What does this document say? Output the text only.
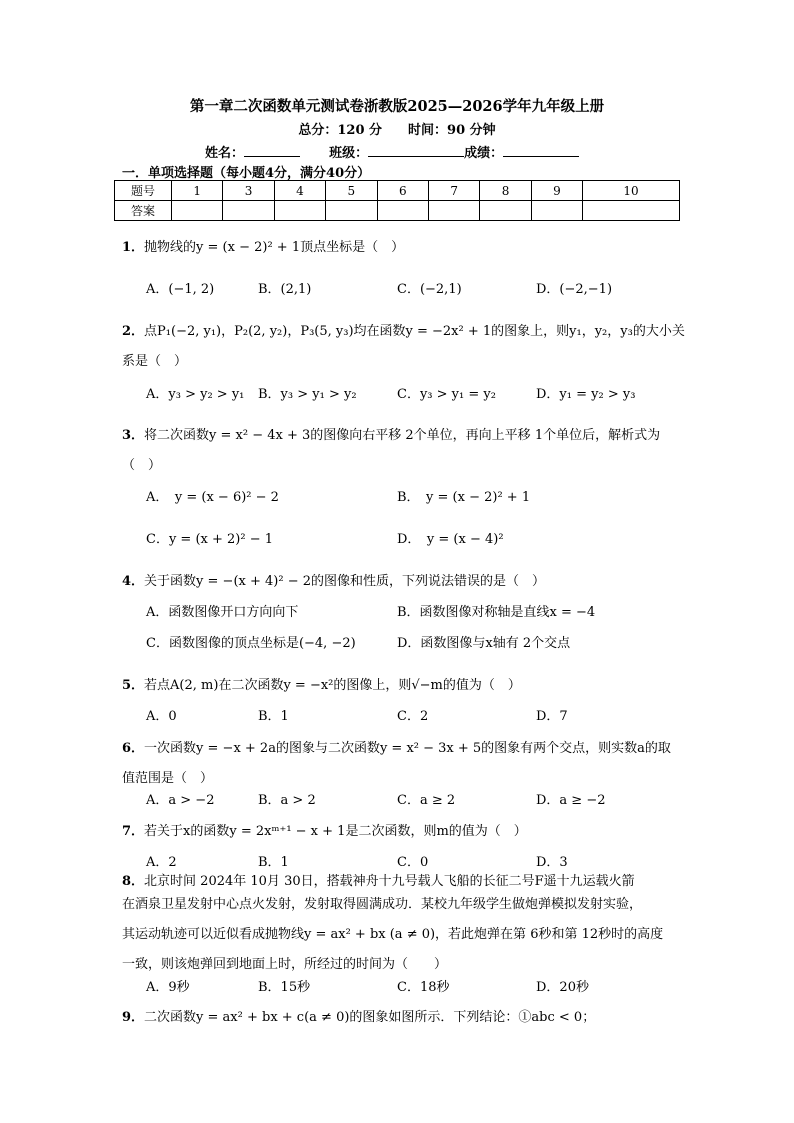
第一章二次函数单元测试卷浙教版2025—2026学年九年级上册
总分：120 分　　时间：90 分钟
姓名：	班级：	成绩：
一．单项选择题（每小题4分，满分40分）
题号	1	3	4	5	6	7	8	9	10
答案									
1．抛物线的y = (x − 2)² + 1顶点坐标是（　）
A．(−1, 2)	B．(2,1)	C．(−2,1)	D．(−2,−1)
2．点P₁(−2, y₁)，P₂(2, y₂)，P₃(5, y₃)均在函数y = −2x² + 1的图象上，则y₁，y₂，y₃的大小关
系是（　）
A．y₃ > y₂ > y₁ B．y₃ > y₁ > y₂	C．y₃ > y₁ = y₂	D．y₁ = y₂ > y₃
3．将二次函数y = x² − 4x + 3的图像向右平移 2个单位，再向上平移 1个单位后，解析式为
（　）
A．　y = (x − 6)² − 2	B．　y = (x − 2)² + 1
C．y = (x + 2)² − 1	D．　y = (x − 4)²
4．关于函数y = −(x + 4)² − 2的图像和性质，下列说法错误的是（　）
A．函数图像开口方向向下	B．函数图像对称轴是直线x = −4
C．函数图像的顶点坐标是(−4, −2)	D．函数图像与x轴有 2个交点
5．若点A(2, m)在二次函数y = −x²的图像上，则√−m的值为（　）
A．0	B．1	C．2	D．7
6．一次函数y = −x + 2a的图象与二次函数y = x² − 3x + 5的图象有两个交点，则实数a的取
值范围是（　）
A．a > −2	B．a > 2	C．a ≥ 2	D．a ≥ −2
7．若关于x的函数y = 2xᵐ⁺¹ − x + 1是二次函数，则m的值为（　）
A．2	B．1	C．0	D．3
8．北京时间 2024年 10月 30日，搭载神舟十九号载人飞船的长征二号F遥十九运载火箭
在酒泉卫星发射中心点火发射，发射取得圆满成功．某校九年级学生做炮弹模拟发射实验，
其运动轨迹可以近似看成抛物线y = ax² + bx (a ≠ 0)，若此炮弹在第 6秒和第 12秒时的高度
一致，则该炮弹回到地面上时，所经过的时间为（　　）
A．9秒	B．15秒	C．18秒	D．20秒
9．二次函数y = ax² + bx + c(a ≠ 0)的图象如图所示．下列结论：①abc < 0；
